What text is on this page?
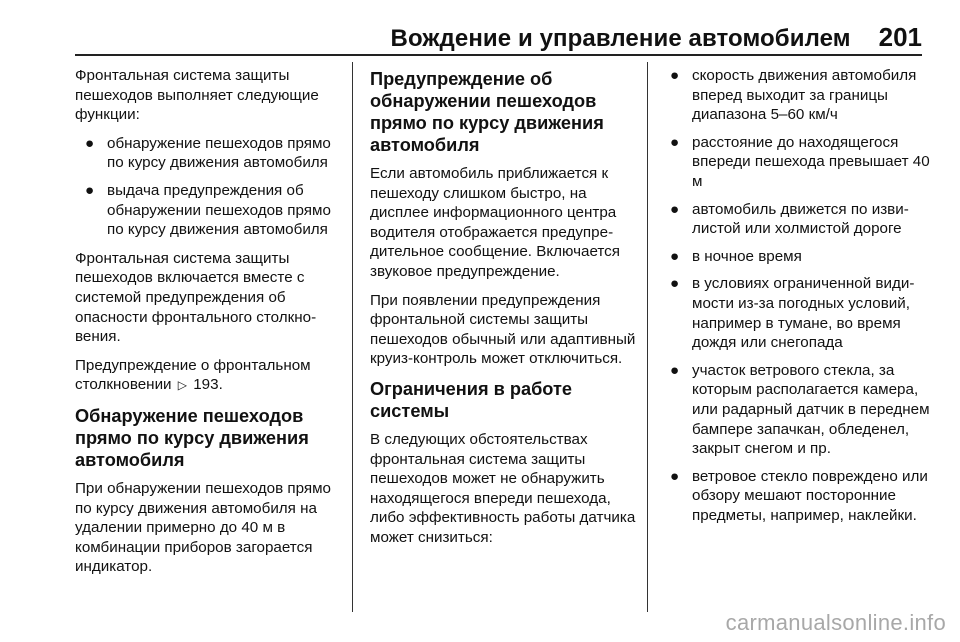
Вождение и управление автомобилем 201

Фронтальная система защиты пешеходов выполняет следующие функции:

● обнаружение пешеходов прямо по курсу движения автомобиля
● выдача предупреждения об обнаружении пешеходов прямо по курсу движения автомобиля

Фронтальная система защиты пешеходов включается вместе с системой предупреждения об опасности фронтального столкновения.

Предупреждение о фронтальном столкновении ▷ 193.

Обнаружение пешеходов прямо по курсу движения автомобиля

При обнаружении пешеходов прямо по курсу движения автомобиля на удалении примерно до 40 м в комбинации приборов загорается индикатор.

Предупреждение об обнаружении пешеходов прямо по курсу движения автомобиля

Если автомобиль приближается к пешеходу слишком быстро, на дисплее информационного центра водителя отображается предупредительное сообщение. Включается звуковое предупреждение.

При появлении предупреждения фронтальной системы защиты пешеходов обычный или адаптивный круиз-контроль может отключиться.

Ограничения в работе системы

В следующих обстоятельствах фронтальная система защиты пешеходов может не обнаружить находящегося впереди пешехода, либо эффективность работы датчика может снизиться:

● скорость движения автомобиля вперед выходит за границы диапазона 5–60 км/ч
● расстояние до находящегося впереди пешехода превышает 40 м
● автомобиль движется по извилистой или холмистой дороге
● в ночное время
● в условиях ограниченной видимости из-за погодных условий, например в тумане, во время дождя или снегопада
● участок ветрового стекла, за которым располагается камера, или радарный датчик в переднем бампере запачкан, обледенел, закрыт снегом и пр.
● ветровое стекло повреждено или обзору мешают посторонние предметы, например, наклейки.
carmanualsonline.info
